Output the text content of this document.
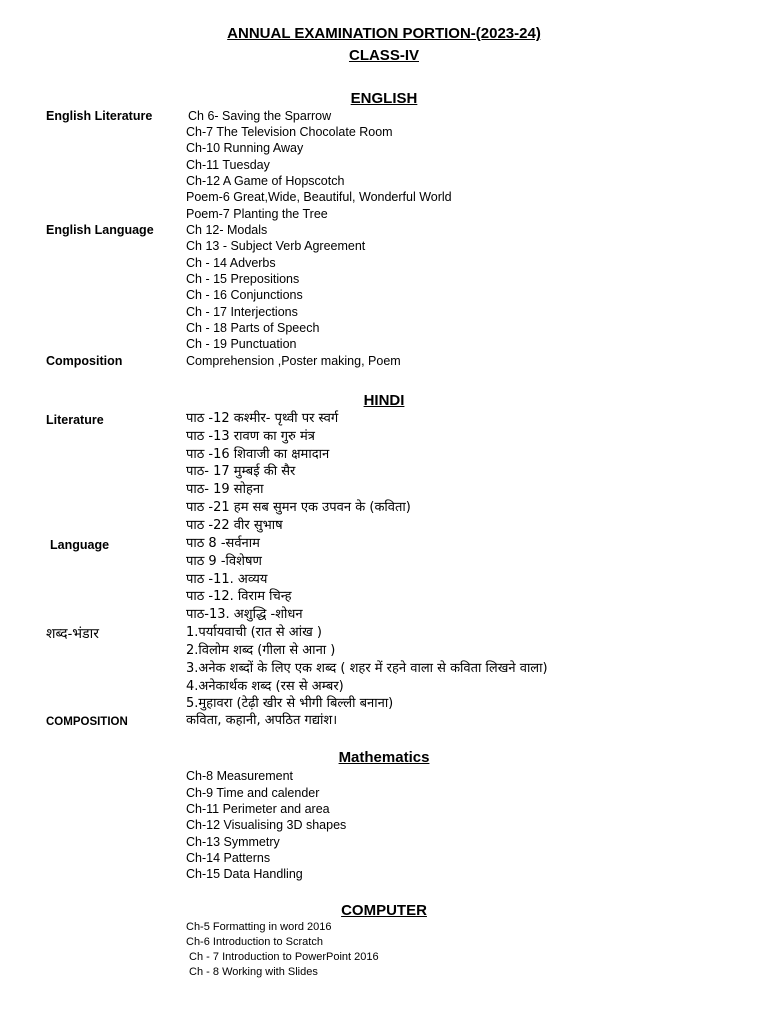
ANNUAL EXAMINATION PORTION-(2023-24)
CLASS-IV
ENGLISH
English Literature	Ch 6- Saving the Sparrow
Ch-7 The Television Chocolate Room
Ch-10 Running Away
Ch-11 Tuesday
Ch-12 A Game of Hopscotch
Poem-6 Great,Wide, Beautiful, Wonderful World
Poem-7 Planting the Tree
English Language	Ch 12- Modals
Ch 13 - Subject Verb Agreement
Ch - 14 Adverbs
Ch - 15 Prepositions
Ch - 16 Conjunctions
Ch - 17 Interjections
Ch - 18 Parts of Speech
Ch - 19 Punctuation
Composition	Comprehension ,Poster making, Poem
HINDI
Literature	पाठ -12 कश्मीर- पृथ्वी पर स्वर्ग
पाठ -13 रावण का गुरु मंत्र
पाठ -16 शिवाजी का क्षमादान
पाठ- 17 मुम्बई की सैर
पाठ- 19 सोहना
पाठ -21 हम सब सुमन एक उपवन के (कविता)
पाठ -22 वीर सुभाष
Language	पाठ 8 -सर्वनाम
पाठ 9 -विशेषण
पाठ -11. अव्यय
पाठ -12. विराम चिन्ह
पाठ-13. अशुद्धि -शोधन
शब्द-भंडार	1.पर्यायवाची (रात से आंख )
2.विलोम शब्द (गीला से आना )
3.अनेक शब्दों के लिए एक शब्द ( शहर में रहने वाला से कविता लिखने वाला)
4.अनेकार्थक शब्द (रस से अम्बर)
5.मुहावरा (टेढ़ी खीर से भीगी बिल्ली बनाना)
COMPOSITION	कविता, कहानी, अपठित गद्यांश।
Mathematics
Ch-8 Measurement
Ch-9 Time and calender
Ch-11 Perimeter and area
Ch-12 Visualising 3D shapes
Ch-13 Symmetry
Ch-14 Patterns
Ch-15 Data Handling
COMPUTER
Ch-5 Formatting in word 2016
Ch-6 Introduction to Scratch
Ch - 7 Introduction to PowerPoint 2016
Ch - 8 Working with Slides
